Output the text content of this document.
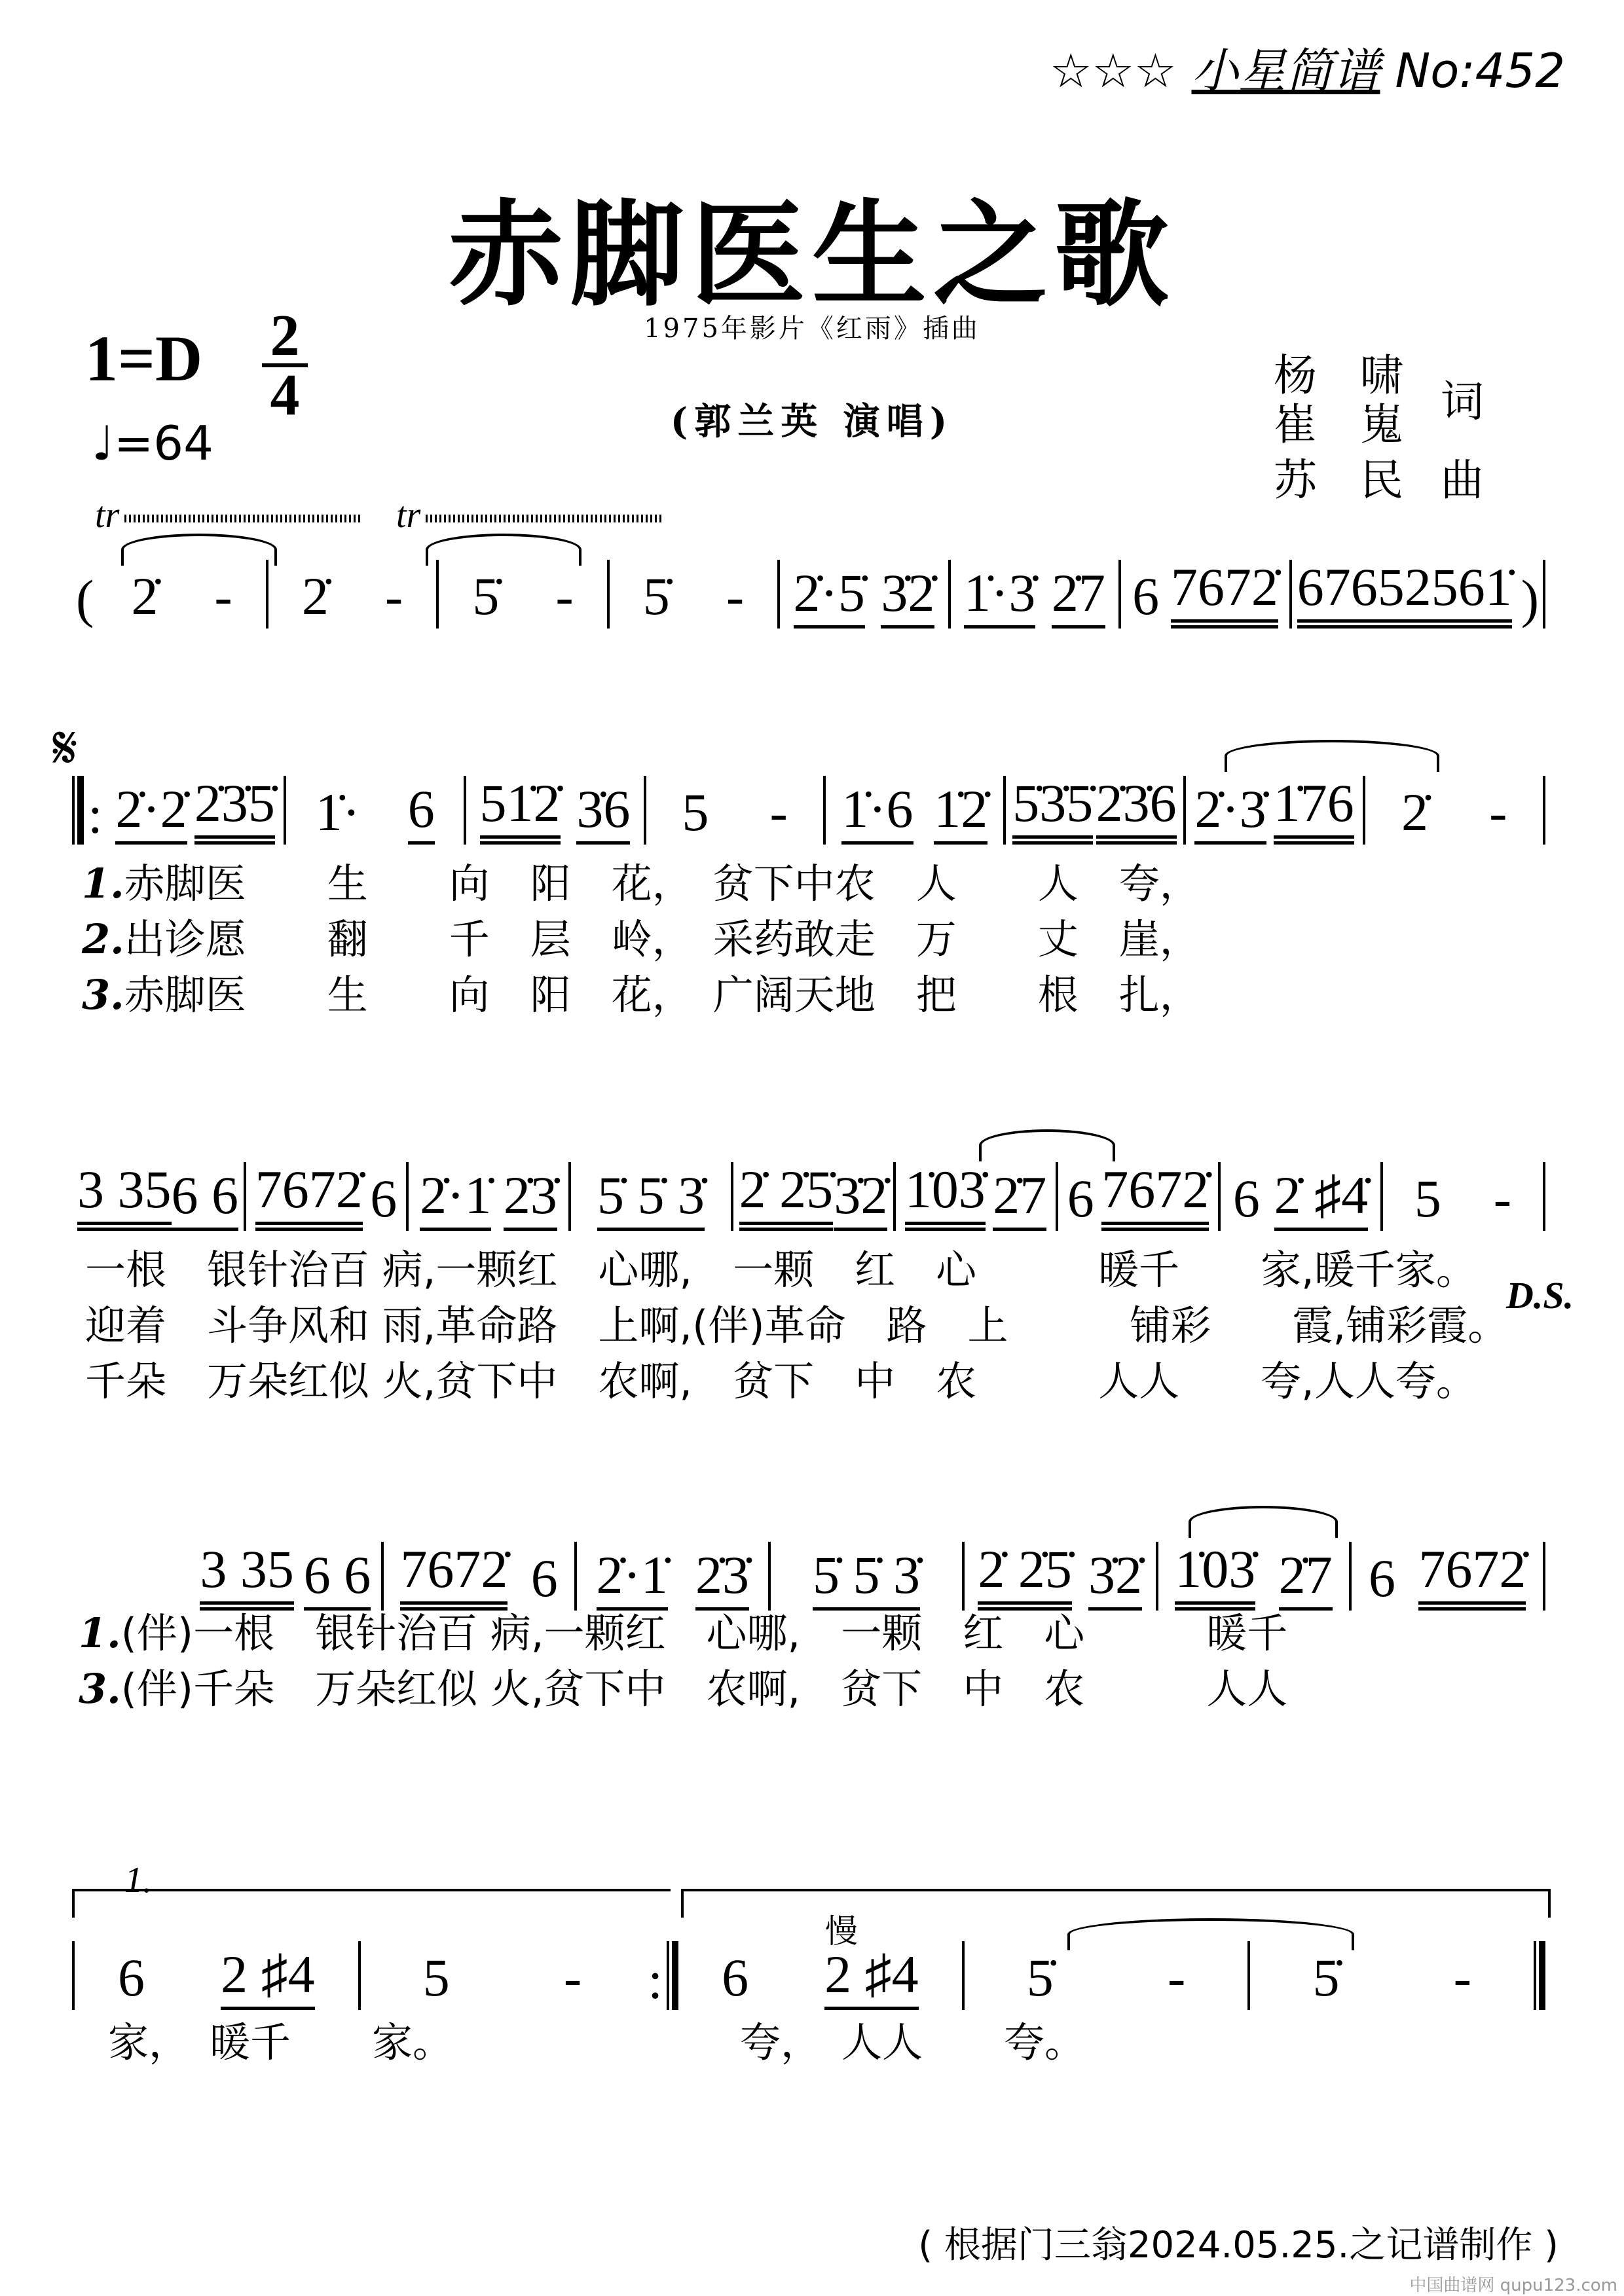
☆☆☆ 小星简谱 No:452
赤脚医生之歌
1975年影片《红雨》插曲
(郭兰英 演唱)
1=D 2
4
♩=64
杨　啸
崔　嵬 词
苏　民 曲
tr	tr
( 2̇ - 2̇ - 5̇ - 5̇ - 2̇·5̇ 3̇2̇ 1̇·3̇ 2̇7 6 7672̇ 6765 2561̇ )
𝄋
: 2̇·2̇ 2̇3̇5̇ 1̇· 6 51̇2̇ 3̇6 5 - 1̇·6 1̇2̇ 5̇3̇5̇ 2̇3̇6 2̇·3̇ 1̇76 2̇ -
1.赤脚医　　生　　向　阳　花，　贫下中农　人　　人　夸，
2.出诊愿　　翻　　千　层　岭，　采药敢走　万　　丈　崖，
3.赤脚医　　生　　向　阳　花，　广阔天地　把　　根　扎，
3 35 6 6 7672̇ 6 2̇·1̇ 2̇3̇ 5̇ 5̇ 3̇ 2̇ 2̇5̇ 3̇2̇ 1̇03̇ 2̇7 6 7672̇ 6 2̇ ♯4̇ 5 -
一根　银针治百 病,一颗红　心哪,　一颗　红　心　　　暖千　　家,暖千家。
迎着　斗争风和 雨,革命路　上啊,(伴)革命　路　上　　　铺彩　　霞,铺彩霞。
千朵　万朵红似 火,贫下中　农啊,　贫下　中　农　　　人人　　夸,人人夸。
D.S.
3 35 6 6 7672̇ 6 2̇·1̇ 2̇3̇ 5̇ 5̇ 3̇ 2̇ 2̇5̇ 3̇2̇ 1̇03̇ 2̇7 6 7672̇
1.(伴)一根　银针治百 病,一颗红　心哪,　一颗　红　心　　　暖千
3.(伴)千朵　万朵红似 火,贫下中　农啊,　贫下　中　农　　　人人
1.
慢
6 2 ♯4 5 - : 6 2 ♯4 5̇ - 5̇ -
家，　暖千　　家。	夸，　人人　　夸。
( 根据门三翁2024.05.25.之记谱制作 )
中国曲谱网 qupu123.com
